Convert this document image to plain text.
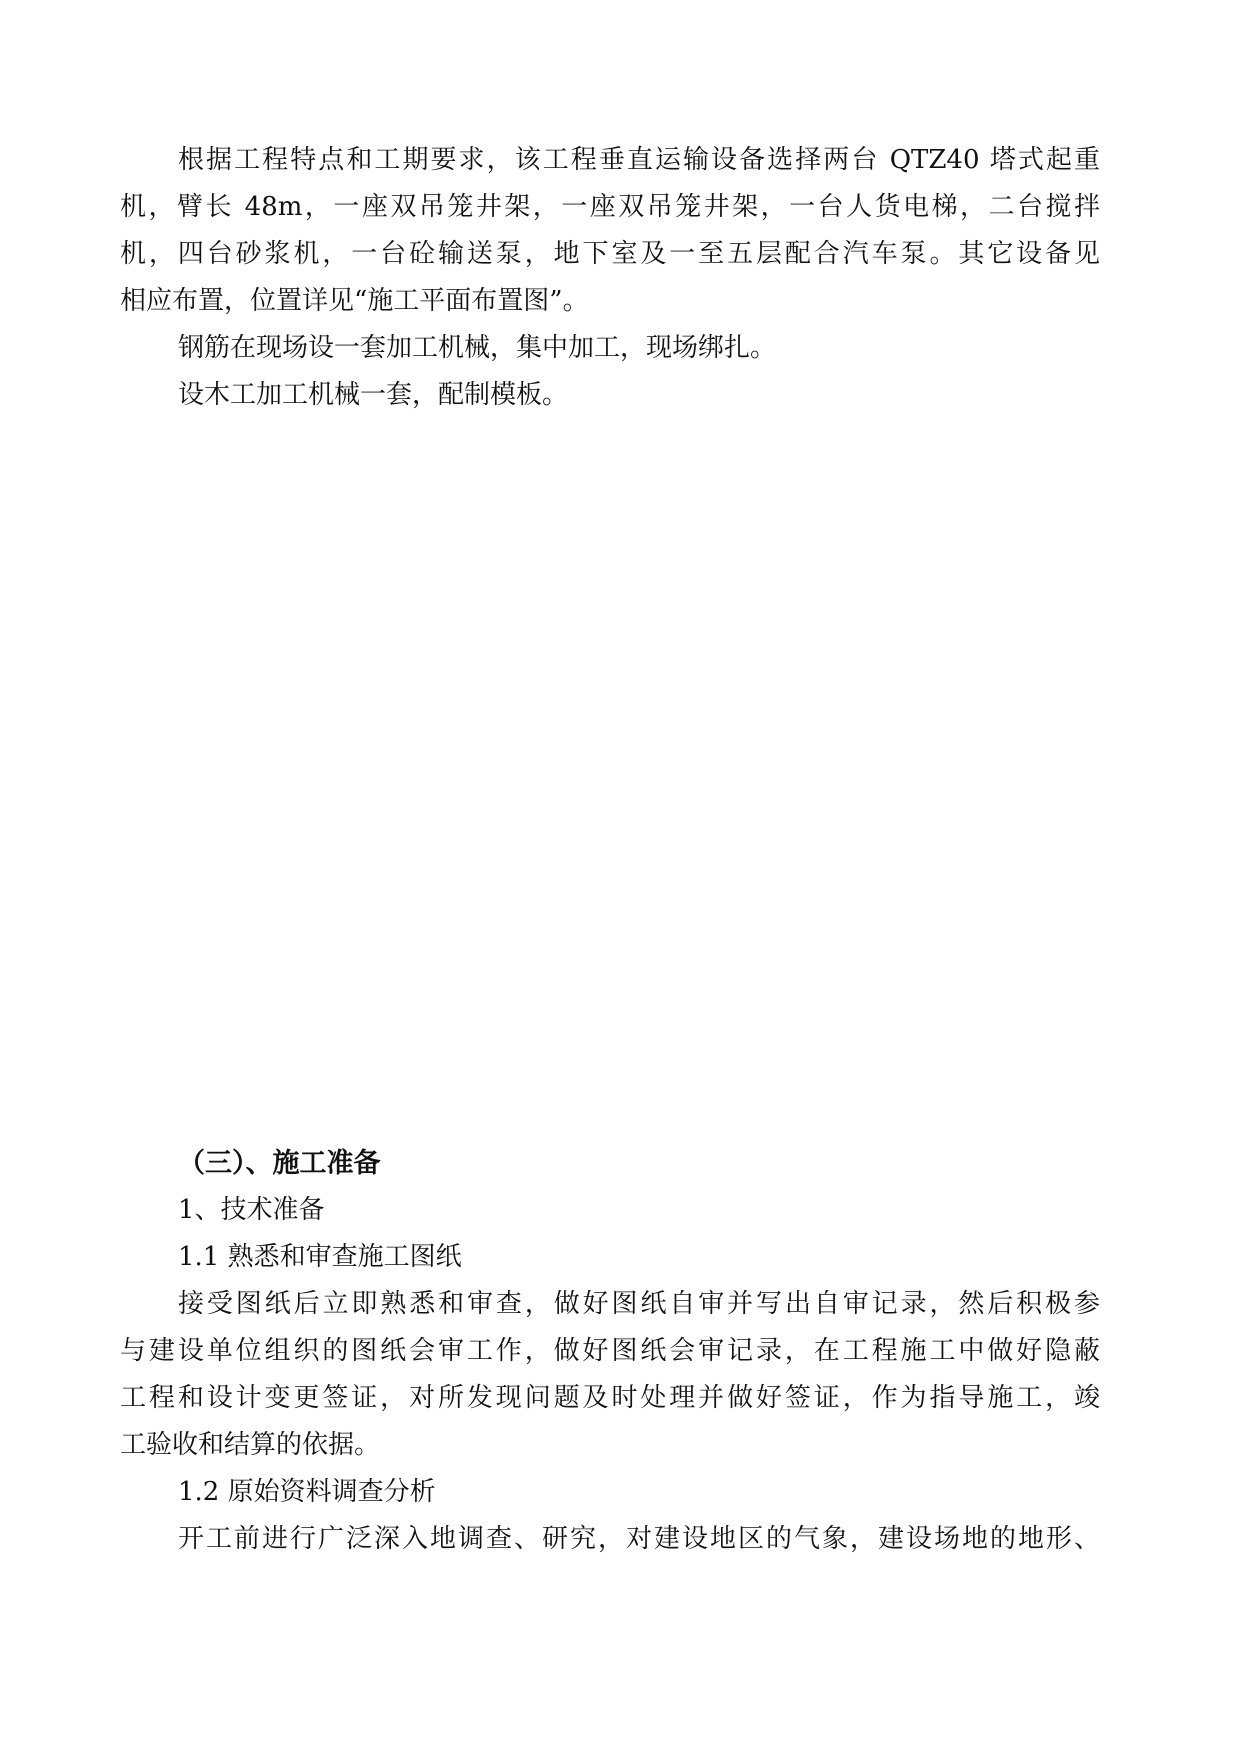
根据工程特点和工期要求，该工程垂直运输设备选择两台 QTZ40 塔式起重
机，臂长 48m，一座双吊笼井架，一座双吊笼井架，一台人货电梯，二台搅拌
机，四台砂浆机，一台砼输送泵，地下室及一至五层配合汽车泵。其它设备见
相应布置，位置详见“施工平面布置图”。
钢筋在现场设一套加工机械，集中加工，现场绑扎。
设木工加工机械一套，配制模板。
（三）、施工准备
1、技术准备
1.1 熟悉和审查施工图纸
接受图纸后立即熟悉和审查，做好图纸自审并写出自审记录，然后积极参
与建设单位组织的图纸会审工作，做好图纸会审记录，在工程施工中做好隐蔽
工程和设计变更签证，对所发现问题及时处理并做好签证，作为指导施工，竣
工验收和结算的依据。
1.2 原始资料调查分析
开工前进行广泛深入地调查、研究，对建设地区的气象，建设场地的地形、
